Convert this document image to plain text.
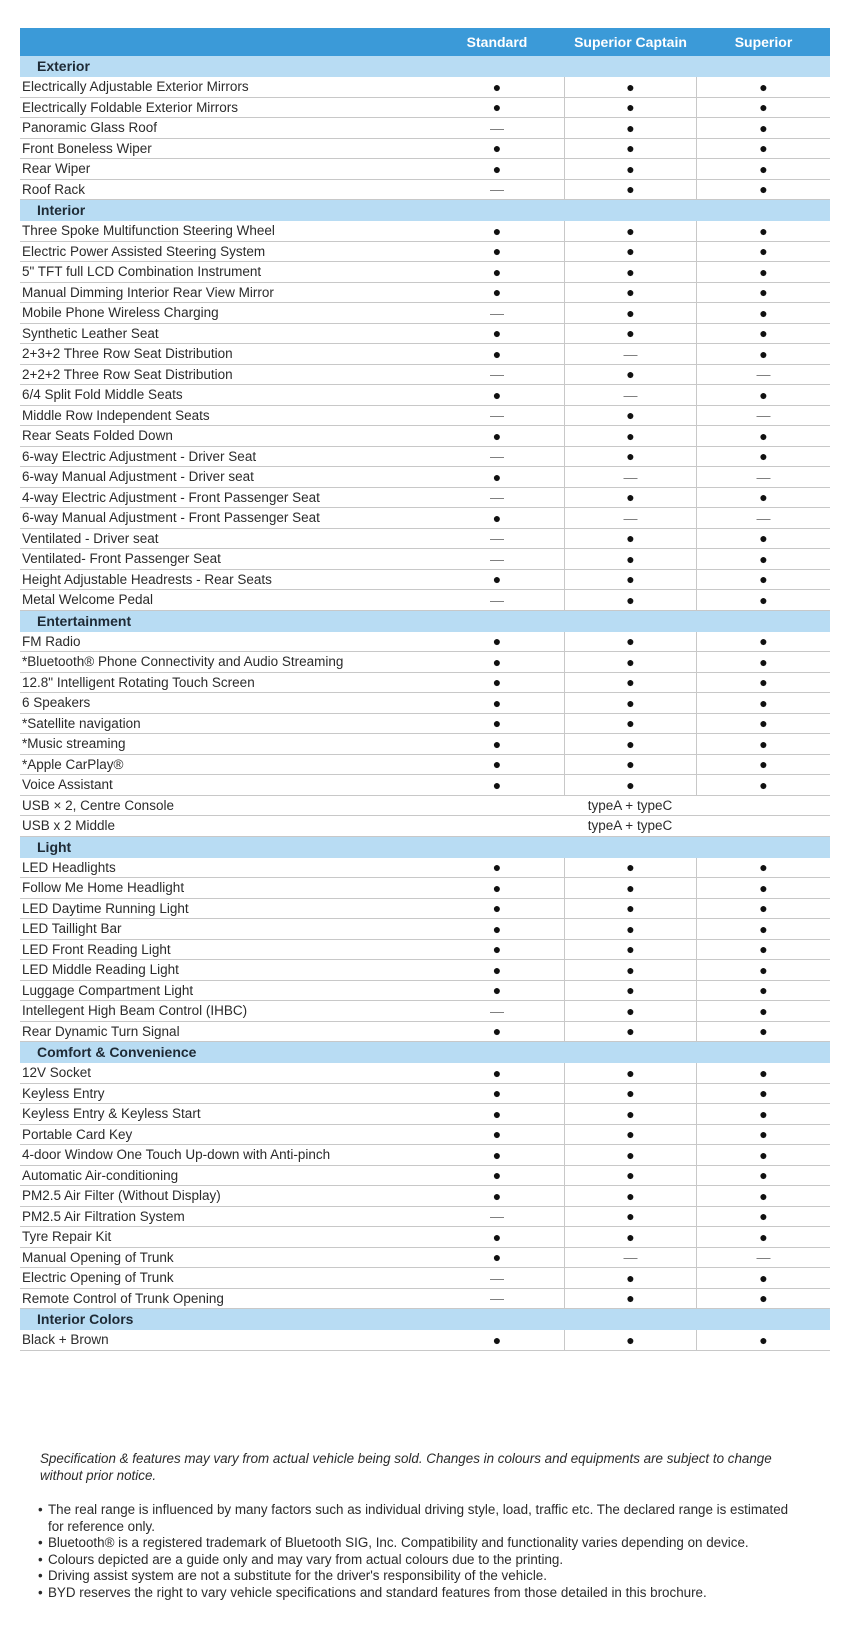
Standard	Superior Captain	Superior
Exterior
Electrically Adjustable Exterior Mirrors	●	●	●
Electrically Foldable Exterior Mirrors	●	●	●
Panoramic Glass Roof	—	●	●
Front Boneless Wiper	●	●	●
Rear Wiper	●	●	●
Roof Rack	—	●	●
Interior
Three Spoke Multifunction Steering Wheel	●	●	●
Electric Power Assisted Steering System	●	●	●
5" TFT full LCD Combination Instrument	●	●	●
Manual Dimming Interior Rear View Mirror	●	●	●
Mobile Phone Wireless Charging	—	●	●
Synthetic Leather Seat	●	●	●
2+3+2 Three Row Seat Distribution	●	—	●
2+2+2 Three Row Seat Distribution	—	●	—
6/4 Split Fold Middle Seats	●	—	●
Middle Row Independent Seats	—	●	—
Rear Seats Folded Down	●	●	●
6-way Electric Adjustment - Driver Seat	—	●	●
6-way Manual Adjustment - Driver seat	●	—	—
4-way Electric Adjustment - Front Passenger Seat	—	●	●
6-way Manual Adjustment - Front Passenger Seat	●	—	—
Ventilated - Driver seat	—	●	●
Ventilated- Front Passenger Seat	—	●	●
Height Adjustable Headrests - Rear Seats	●	●	●
Metal Welcome Pedal	—	●	●
Entertainment
FM Radio	●	●	●
*Bluetooth® Phone Connectivity and Audio Streaming	●	●	●
12.8" Intelligent Rotating Touch Screen	●	●	●
6 Speakers	●	●	●
*Satellite navigation	●	●	●
*Music streaming	●	●	●
*Apple CarPlay®	●	●	●
Voice Assistant	●	●	●
USB × 2, Centre Console	typeA + typeC
USB x 2 Middle	typeA + typeC
Light
LED Headlights	●	●	●
Follow Me Home Headlight	●	●	●
LED Daytime Running Light	●	●	●
LED Taillight Bar	●	●	●
LED Front Reading Light	●	●	●
LED Middle Reading Light	●	●	●
Luggage Compartment Light	●	●	●
Intellegent High Beam Control (IHBC)	—	●	●
Rear Dynamic Turn Signal	●	●	●
Comfort & Convenience
12V Socket	●	●	●
Keyless Entry	●	●	●
Keyless Entry & Keyless Start	●	●	●
Portable Card Key	●	●	●
4-door Window One Touch Up-down with Anti-pinch	●	●	●
Automatic Air-conditioning	●	●	●
PM2.5 Air Filter (Without Display)	●	●	●
PM2.5 Air Filtration System	—	●	●
Tyre Repair Kit	●	●	●
Manual Opening of Trunk	●	—	—
Electric Opening of Trunk	—	●	●
Remote Control of Trunk Opening	—	●	●
Interior Colors
Black + Brown	●	●	●

Specification & features may vary from actual vehicle being sold. Changes in colours and equipments are subject to change without prior notice.

• The real range is influenced by many factors such as individual driving style, load, traffic etc. The declared range is estimated for reference only.
• Bluetooth® is a registered trademark of Bluetooth SIG, Inc. Compatibility and functionality varies depending on device.
• Colours depicted are a guide only and may vary from actual colours due to the printing.
• Driving assist system are not a substitute for the driver's responsibility of the vehicle.
• BYD reserves the right to vary vehicle specifications and standard features from those detailed in this brochure.
